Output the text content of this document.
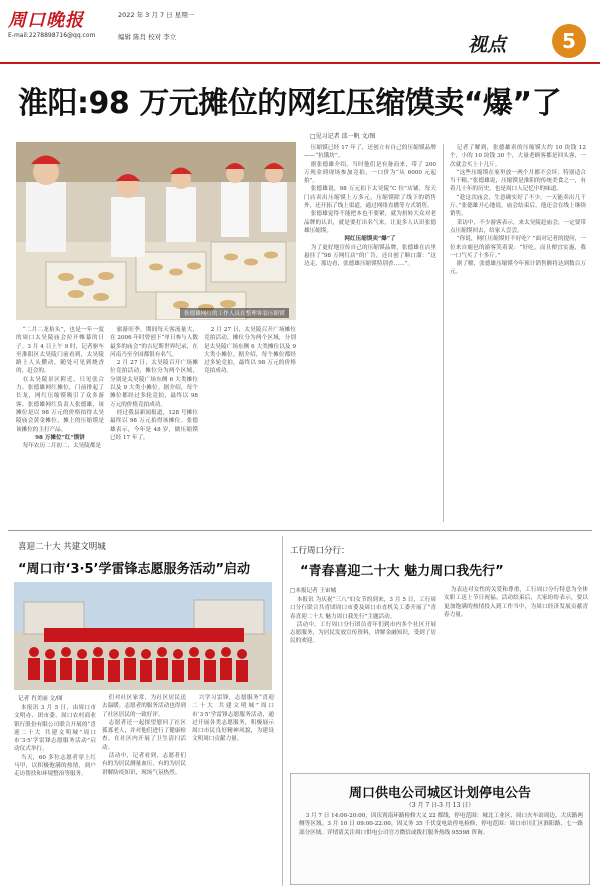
周口晚报
E-mail:2278898716@qq.com
2022 年 3 月 7 日 星期一
编辑 陈肖 校对 李立	视点	5
淮阳:98 万元摊位的网红压缩馍卖“爆”了
□见习记者 邱一帆 文/图
张德雄网红的工作人员在整理客装压缩馍

“二月二龙抬头”，也是一年一度的周口太昊陵庙会拉开帷幕的日子。3 月 4 日上午 9 时，记者驱车至淮阳区太昊陵门前看到，太昊陵路上人头攒动，随处可见到烧香的、赶会的。

在太昊陵景区附近，只见张合力、张德雄网红摊位，门前排起了长龙，网红压缩馍吸引了众多游客。张德雄网红负责人张德雄，该摊位是以 98 万元的价格拍得太昊陵庙会黄金摊位，摊上的压缩馍是该摊位的主打产品。

98 万摊位“红”馍饼

每年农历二月初二，太昊陵都是

旅游旺季，期间每天客流量大，在 2006 年时曾创下“单日参与人数最多的庙会”的吉尼斯世界纪录，在河南乃至全国都很有名气。

2 月 27 日，太昊陵召开广场摊位竞拍活动，摊位分为两个区域，分别是太昊陵广场东侧 6 大类摊位以及 9 大类小摊位。据介绍，每个摊位都经过多轮竞拍，最终以 98 万元的价格竞拍成功。

经过我县新闻报道，128 号摊位最终以 98 万元拍得该摊位。张德雄表示，今年是 48 岁，做压缩馍已经 17 年了。

2 月 27 日，太昊陵召开广场摊位竞拍活动，摊位分为两个区域，分别是太昊陵广场东侧 6 大类摊位以及 9 大类小摊位。据介绍，每个摊位都经过多轮竞拍，最终以 98 万元的价格竞拍成功。

压缩馍已经 17 年了，还创立有自己的压缩馍品牌——“抗饿坊”。

据张德雄介绍，当时他们是有备而来，带了 200 万现金到现场参加竞拍，一口价为“从 6000 元起拍”。

张德雄说，98 万元拍下太昊陵“C 位”店铺，每天门店卖出压缩馍上万多元，压缩馍除了线下的销售外，还开拓了线上渠道，通过网络直播等方式销售。

张德雄觉得不能把本也不要紧，就为扭转大众对老品牌的认识，就是要打出名气来，让更多人认识张德雄压缩馍。

网红压缩馍卖“爆”了

为了更好地宣传自己的压缩馍品牌，张德雄在店里悬挂了“98 万网红店”的广告，还自创了顺口溜：“这边走，那边看，张德雄压缩馍特别香……”。

记者了解到，张德雄卖的压缩馍大约 10 块钱 12 个，小的 10 块钱 30 个，大量老顾客都是回头客，一次就会买上十几斤。

“这些压缩馍在家里放一两个月都不会坏，特别适合当干粮。”张德雄说，压缩馍是淮阳的传统美食之一，有着几十年的历史，也是周口人记忆中的味道。

“趁这次庙会，生意确实好了不少，一天能卖出几千斤。”张德雄开心地说，庙会结束后，他还会在线上继续销售。

采访中，不少游客表示，来太昊陵赶庙会，一定要带点压缩馍回去，给家人尝尝。

“你说，网红压缩馍好不好吃？”面对记者的提问，一位来自鹿邑的游客笑着说：“好吃，而且便宜实惠，我一口气买了十多斤。”

据了解，张德雄压缩馍今年预计销售额将达到数百万元。

喜迎二十大 共建文明城
“周口市‘3·5’学雷锋志愿服务活动”启动
记者 肖美丽 文/图

本报讯 3 月 5 日，由周口市文明办、团市委、周口农村商业银行股份有限公司联合开展的“喜迎二十大 共建文明城”周口市‘3·5’学雷锋志愿服务活动”启动仪式举行。

当天，60 多位志愿者穿上红马甲，以积极饱满的热情，到户走访帮扶和环境整治等服务。

们对社区家常，为社区居民送去温暖。志愿者的服务活动也得到了社区居民的一致好评。

志愿者还一起探望慰问了社区孤寡老人，并对他们进行了健康检查，在社区内开展了卫生清扫活动。

活动中，记者看到，志愿者们有的为居民测量血压，有的为居民讲解防疫知识，现场气氛热烈。

兴学习雷锋，志愿服务“喜迎二十大 共建文明城”周口市‘3·5’学雷锋志愿服务活动，通过开展各类志愿服务，积极展示周口市民良好精神风貌，为建设文明周口贡献力量。

工行周口分行：
“青春喜迎二十大 魅力周口我先行”
□本报记者 王宙城

本报讯 为庆祝“三八”妇女节的到来，3 月 5 日，工行周口分行联合共青团周口市委及周口市直机关工委开展了“青春喜迎二十大 魅力周口我先行”主题活动。

活动中，工行周口分行团员青年们到市内多个社区开展志愿服务，为居民发放宣传资料，讲解金融知识，受到了居民的欢迎。

为表达对女性的关爱和尊重，工行周口分行特意为全体女职工送上节日祝福。活动结束后，大家纷纷表示，要以更加饱满的热情投入到工作当中，为周口经济发展贡献青春力量。

周口供电公司城区计划停电公告
（3 月 7 日-3 月 13 日）

3 月 7 日 14:00-20:00，因庆霄南环路检修大义 22 都线，停电范围：城北工业区、周口火车站周边、大庆路两侧等区域。3 月 10 日 09:00-22:00，因义务 35 千伏变电站停电检修，停电范围：周口市川汇区淮阳路、七一路部分区域。详情请关注周口供电公司官方微信或拨打服务热线 95598 咨询。
